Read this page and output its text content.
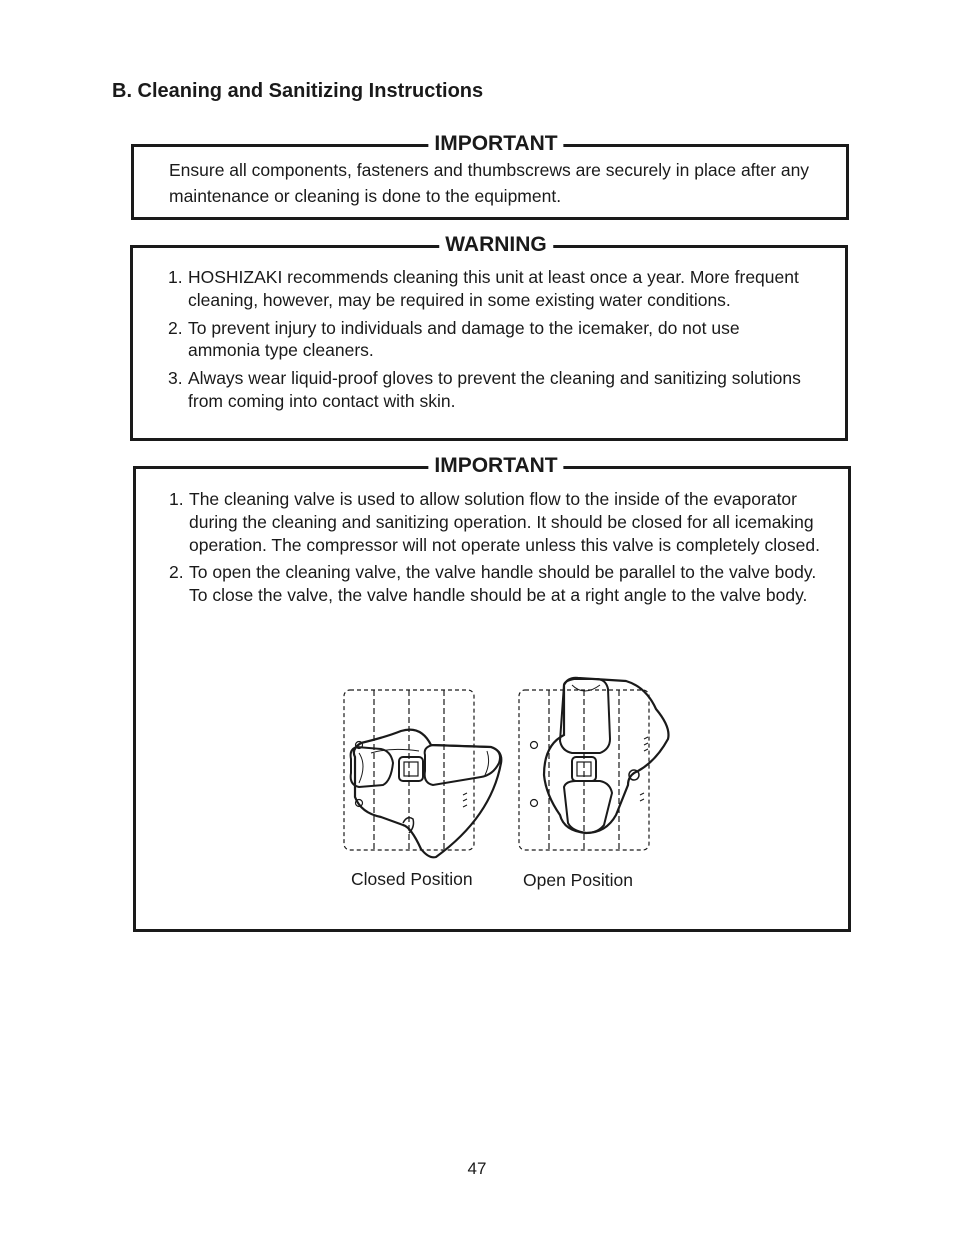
B. Cleaning and Sanitizing Instructions
IMPORTANT

Ensure all components, fasteners and thumbscrews are securely in place after any maintenance or cleaning is done to the equipment.

WARNING
1. HOSHIZAKI recommends cleaning this unit at least once a year. More frequent cleaning, however, may be required in some existing water conditions.
2. To prevent injury to individuals and damage to the icemaker, do not use ammonia type cleaners.
3. Always wear liquid-proof gloves to prevent the cleaning and sanitizing solutions from coming into contact with skin.
IMPORTANT
1. The cleaning valve is used to allow solution flow to the inside of the evaporator during the cleaning and sanitizing operation. It should be closed for all icemaking operation. The compressor will not operate unless this valve is completely closed.
2. To open the cleaning valve, the valve handle should be parallel to the valve body. To close the valve, the valve handle should be at a right angle to the valve body.
Closed Position	Open Position
47
